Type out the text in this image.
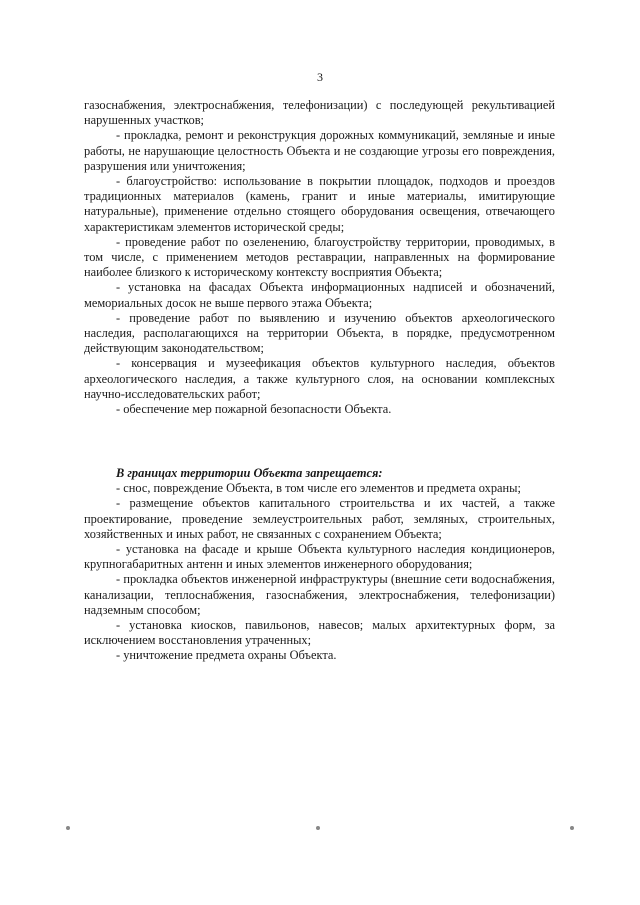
3

газоснабжения, электроснабжения, телефонизации) с последующей рекультивацией нарушенных участков;

- прокладка, ремонт и реконструкция дорожных коммуникаций, земляные и иные работы, не нарушающие целостность Объекта и не создающие угрозы его повреждения, разрушения или уничтожения;

- благоустройство: использование в покрытии площадок, подходов и проездов традиционных материалов (камень, гранит и иные материалы, имитирующие натуральные), применение отдельно стоящего оборудования освещения, отвечающего характеристикам элементов исторической среды;

- проведение работ по озеленению, благоустройству территории, проводимых, в том числе, с применением методов реставрации, направленных на формирование наиболее близкого к историческому контексту восприятия Объекта;

- установка на фасадах Объекта информационных надписей и обозначений, мемориальных досок не выше первого этажа Объекта;

- проведение работ по выявлению и изучению объектов археологического наследия, располагающихся на территории Объекта, в порядке, предусмотренном действующим законодательством;

- консервация и музеефикация объектов культурного наследия, объектов археологического наследия, а также культурного слоя, на основании комплексных научно-исследовательских работ;

- обеспечение мер пожарной безопасности Объекта.

В границах территории Объекта запрещается:

- снос, повреждение Объекта, в том числе его элементов и предмета охраны;

- размещение объектов капитального строительства и их частей, а также проектирование, проведение землеустроительных работ, земляных, строительных, хозяйственных и иных работ, не связанных с сохранением Объекта;

- установка на фасаде и крыше Объекта культурного наследия кондиционеров, крупногабаритных антенн и иных элементов инженерного оборудования;

- прокладка объектов инженерной инфраструктуры (внешние сети водоснабжения, канализации, теплоснабжения, газоснабжения, электроснабжения, телефонизации) надземным способом;

- установка киосков, павильонов, навесов; малых архитектурных форм, за исключением восстановления утраченных;

- уничтожение предмета охраны Объекта.
